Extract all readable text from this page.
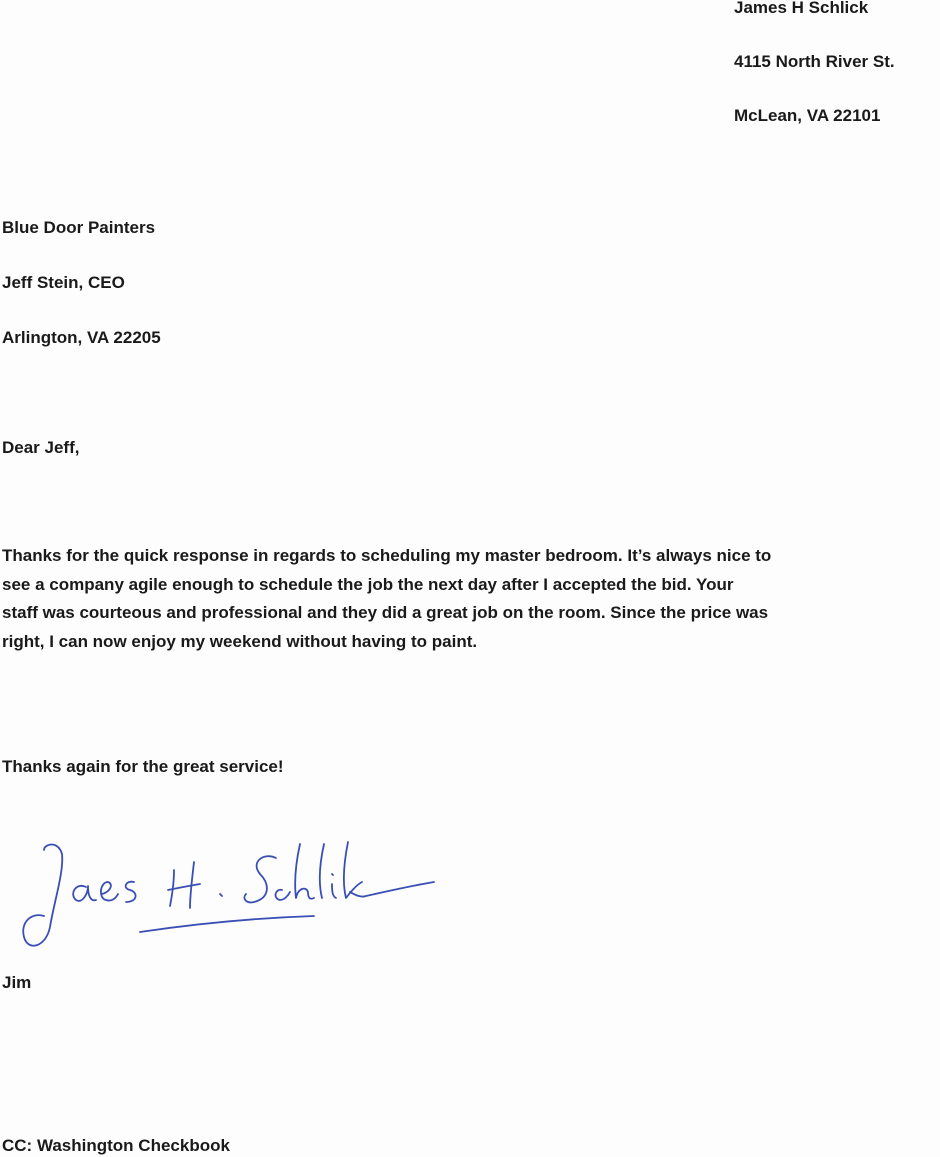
James H Schlick

4115 North River St.

McLean, VA 22101

Blue Door Painters

Jeff Stein, CEO

Arlington, VA 22205

Dear Jeff,

Thanks for the quick response in regards to scheduling my master bedroom. It’s always nice to
see a company agile enough to schedule the job the next day after I accepted the bid. Your
staff was courteous and professional and they did a great job on the room. Since the price was
right, I can now enjoy my weekend without having to paint.

Thanks again for the great service!

Jim

CC: Washington Checkbook
